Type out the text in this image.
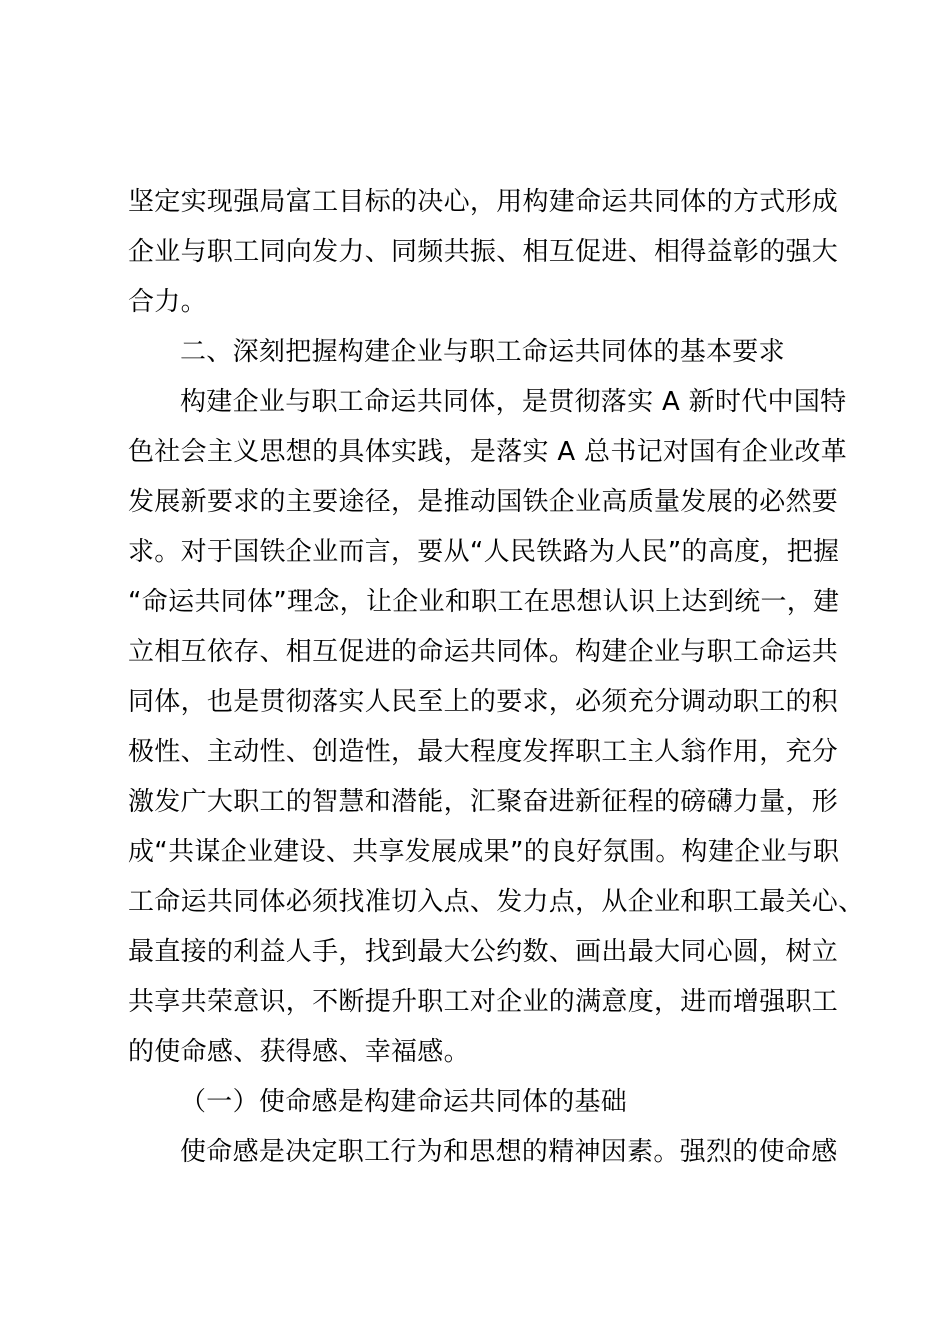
坚定实现强局富工目标的决心，用构建命运共同体的方式形成
企业与职工同向发力、同频共振、相互促进、相得益彰的强大
合力。
二、深刻把握构建企业与职工命运共同体的基本要求
构建企业与职工命运共同体，是贯彻落实 A 新时代中国特
色社会主义思想的具体实践，是落实 A 总书记对国有企业改革
发展新要求的主要途径，是推动国铁企业高质量发展的必然要
求。对于国铁企业而言，要从“人民铁路为人民”的高度，把握
“命运共同体”理念，让企业和职工在思想认识上达到统一，建
立相互依存、相互促进的命运共同体。构建企业与职工命运共
同体，也是贯彻落实人民至上的要求，必须充分调动职工的积
极性、主动性、创造性，最大程度发挥职工主人翁作用，充分
激发广大职工的智慧和潜能，汇聚奋进新征程的磅礴力量，形
成“共谋企业建设、共享发展成果”的良好氛围。构建企业与职
工命运共同体必须找准切入点、发力点，从企业和职工最关心、
最直接的利益人手，找到最大公约数、画出最大同心圆，树立
共享共荣意识，不断提升职工对企业的满意度，进而增强职工
的使命感、获得感、幸福感。
（一）使命感是构建命运共同体的基础
使命感是决定职工行为和思想的精神因素。强烈的使命感
